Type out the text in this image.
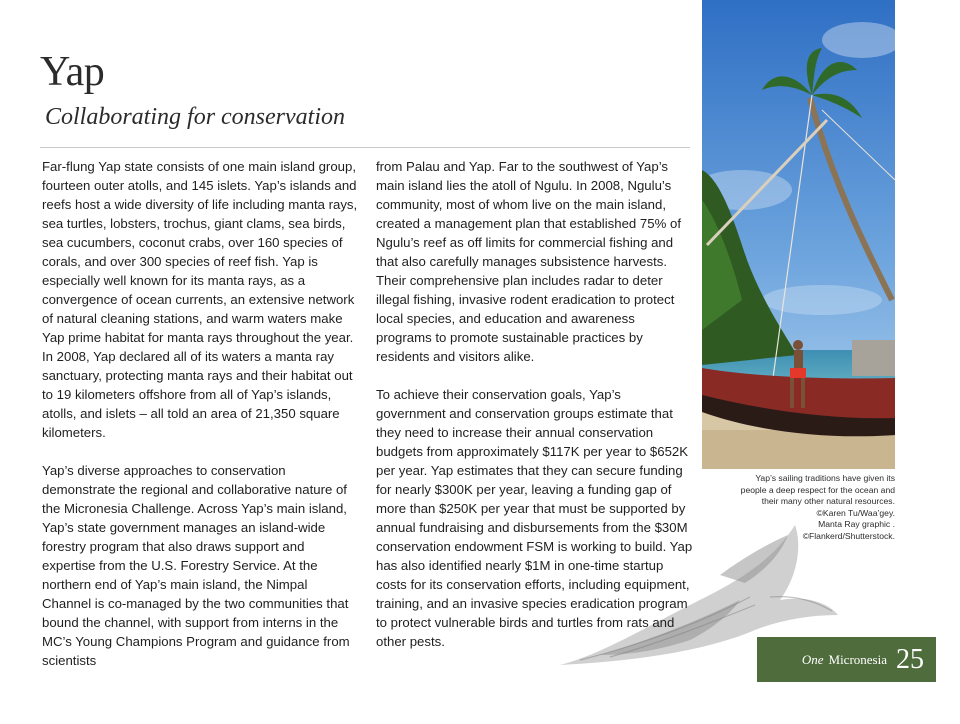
Yap
Collaborating for conservation

Far-flung Yap state consists of one main island group, fourteen outer atolls, and 145 islets. Yap’s islands and reefs host a wide diversity of life including manta rays, sea turtles, lobsters, trochus, giant clams, sea birds, sea cucumbers, coconut crabs, over 160 species of corals, and over 300 species of reef fish. Yap is especially well known for its manta rays, as a convergence of ocean currents, an extensive network of natural cleaning stations, and warm waters make Yap prime habitat for manta rays throughout the year. In 2008, Yap declared all of its waters a manta ray sanctuary, protecting manta rays and their habitat out to 19 kilometers offshore from all of Yap’s islands, atolls, and islets – all told an area of 21,350 square kilometers.

Yap’s diverse approaches to conservation demonstrate the regional and collaborative nature of the Micronesia Challenge. Across Yap’s main island, Yap’s state government manages an island-wide forestry program that also draws support and expertise from the U.S. Forestry Service. At the northern end of Yap’s main island, the Nimpal Channel is co-managed by the two communities that bound the channel, with support from interns in the MC’s Young Champions Program and guidance from scientists

from Palau and Yap. Far to the southwest of Yap’s main island lies the atoll of Ngulu. In 2008, Ngulu’s community, most of whom live on the main island, created a management plan that established 75% of Ngulu’s reef as off limits for commercial fishing and that also carefully manages subsistence harvests. Their comprehensive plan includes radar to deter illegal fishing, invasive rodent eradication to protect local species, and education and awareness programs to promote sustainable practices by residents and visitors alike.

To achieve their conservation goals, Yap’s government and conservation groups estimate that they need to increase their annual conservation budgets from approximately $117K per year to $652K per year. Yap estimates that they can secure funding for nearly $300K per year, leaving a funding gap of more than $250K per year that must be supported by annual fundraising and disbursements from the $30M conservation endowment FSM is working to build. Yap has also identified nearly $1M in one-time startup costs for its conservation efforts, including equipment, training, and an invasive species eradication program to protect vulnerable birds and turtles from rats and other pests.

Yap’s sailing traditions have given its
people a deep respect for the ocean and
their many other natural resources.
©Karen Tu/Waa’gey.
Manta Ray graphic .
©Flankerd/Shutterstock.
One Micronesia 25
